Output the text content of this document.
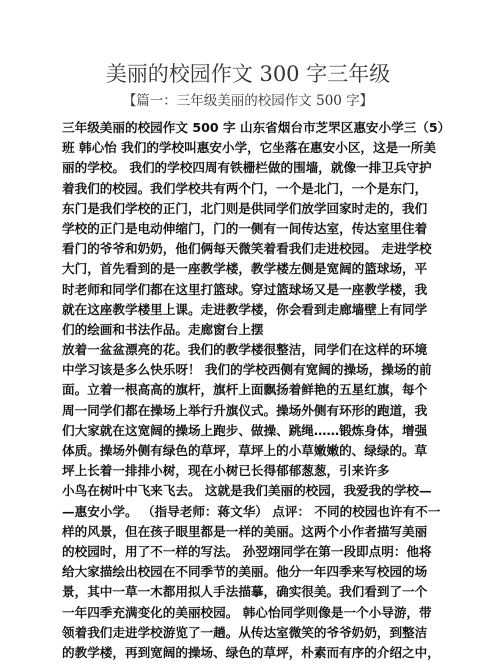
美丽的校园作文 300 字三年级
【篇一：三年级美丽的校园作文 500 字】
三年级美丽的校园作文 500 字 山东省烟台市芝罘区惠安小学三（5）
班 韩心怡 我们的学校叫惠安小学，它坐落在惠安小区，这是一所美
丽的学校。 我们的学校四周有铁栅栏做的围墙，就像一排卫兵守护
着我们的校园。我们学校共有两个门，一个是北门，一个是东门，
东门是我们学校的正门，北门则是供同学们放学回家时走的，我们
学校的正门是电动伸缩门，门的一侧有一间传达室，传达室里住着
看门的爷爷和奶奶，他们俩每天微笑着看我们走进校园。 走进学校
大门，首先看到的是一座教学楼，教学楼左侧是宽阔的篮球场，平
时老师和同学们都在这里打篮球。穿过篮球场又是一座教学楼，我
就在这座教学楼里上课。走进教学楼，你会看到走廊墙壁上有同学
们的绘画和书法作品。走廊窗台上摆
放着一盆盆漂亮的花。我们的教学楼很整洁，同学们在这样的环境
中学习该是多么快乐呀！ 我们的学校西侧有宽阔的操场，操场的前
面。立着一根高高的旗杆，旗杆上面飘扬着鲜艳的五星红旗，每个
周一同学们都在操场上举行升旗仪式。操场外侧有环形的跑道，我
们大家就在这宽阔的操场上跑步、做操、跳绳……锻炼身体，增强
体质。操场外侧有绿色的草坪，草坪上的小草嫩嫩的、绿绿的。草
坪上长着一排排小树，现在小树已长得郁郁葱葱，引来许多
小鸟在树叶中飞来飞去。 这就是我们美丽的校园，我爱我的学校—
—惠安小学。 （指导老师：蒋文华） 点评： 不同的校园也许有不一
样的风景，但在孩子眼里都是一样的美丽。这两个小作者描写美丽
的校园时，用了不一样的写法。 孙翌翊同学在第一段即点明：他将
给大家描绘出校园在不同季节的美丽。他分一年四季来写校园的场
景，其中一草一木都用拟人手法描摹，确实很美。我们看到了一个
一年四季充满变化的美丽校园。 韩心怡同学则像是一个小导游，带
领着我们走进学校游览了一趟。从传达室微笑的爷爷奶奶，到整洁
的教学楼，再到宽阔的操场、绿色的草坪，朴素而有序的介绍之中，
